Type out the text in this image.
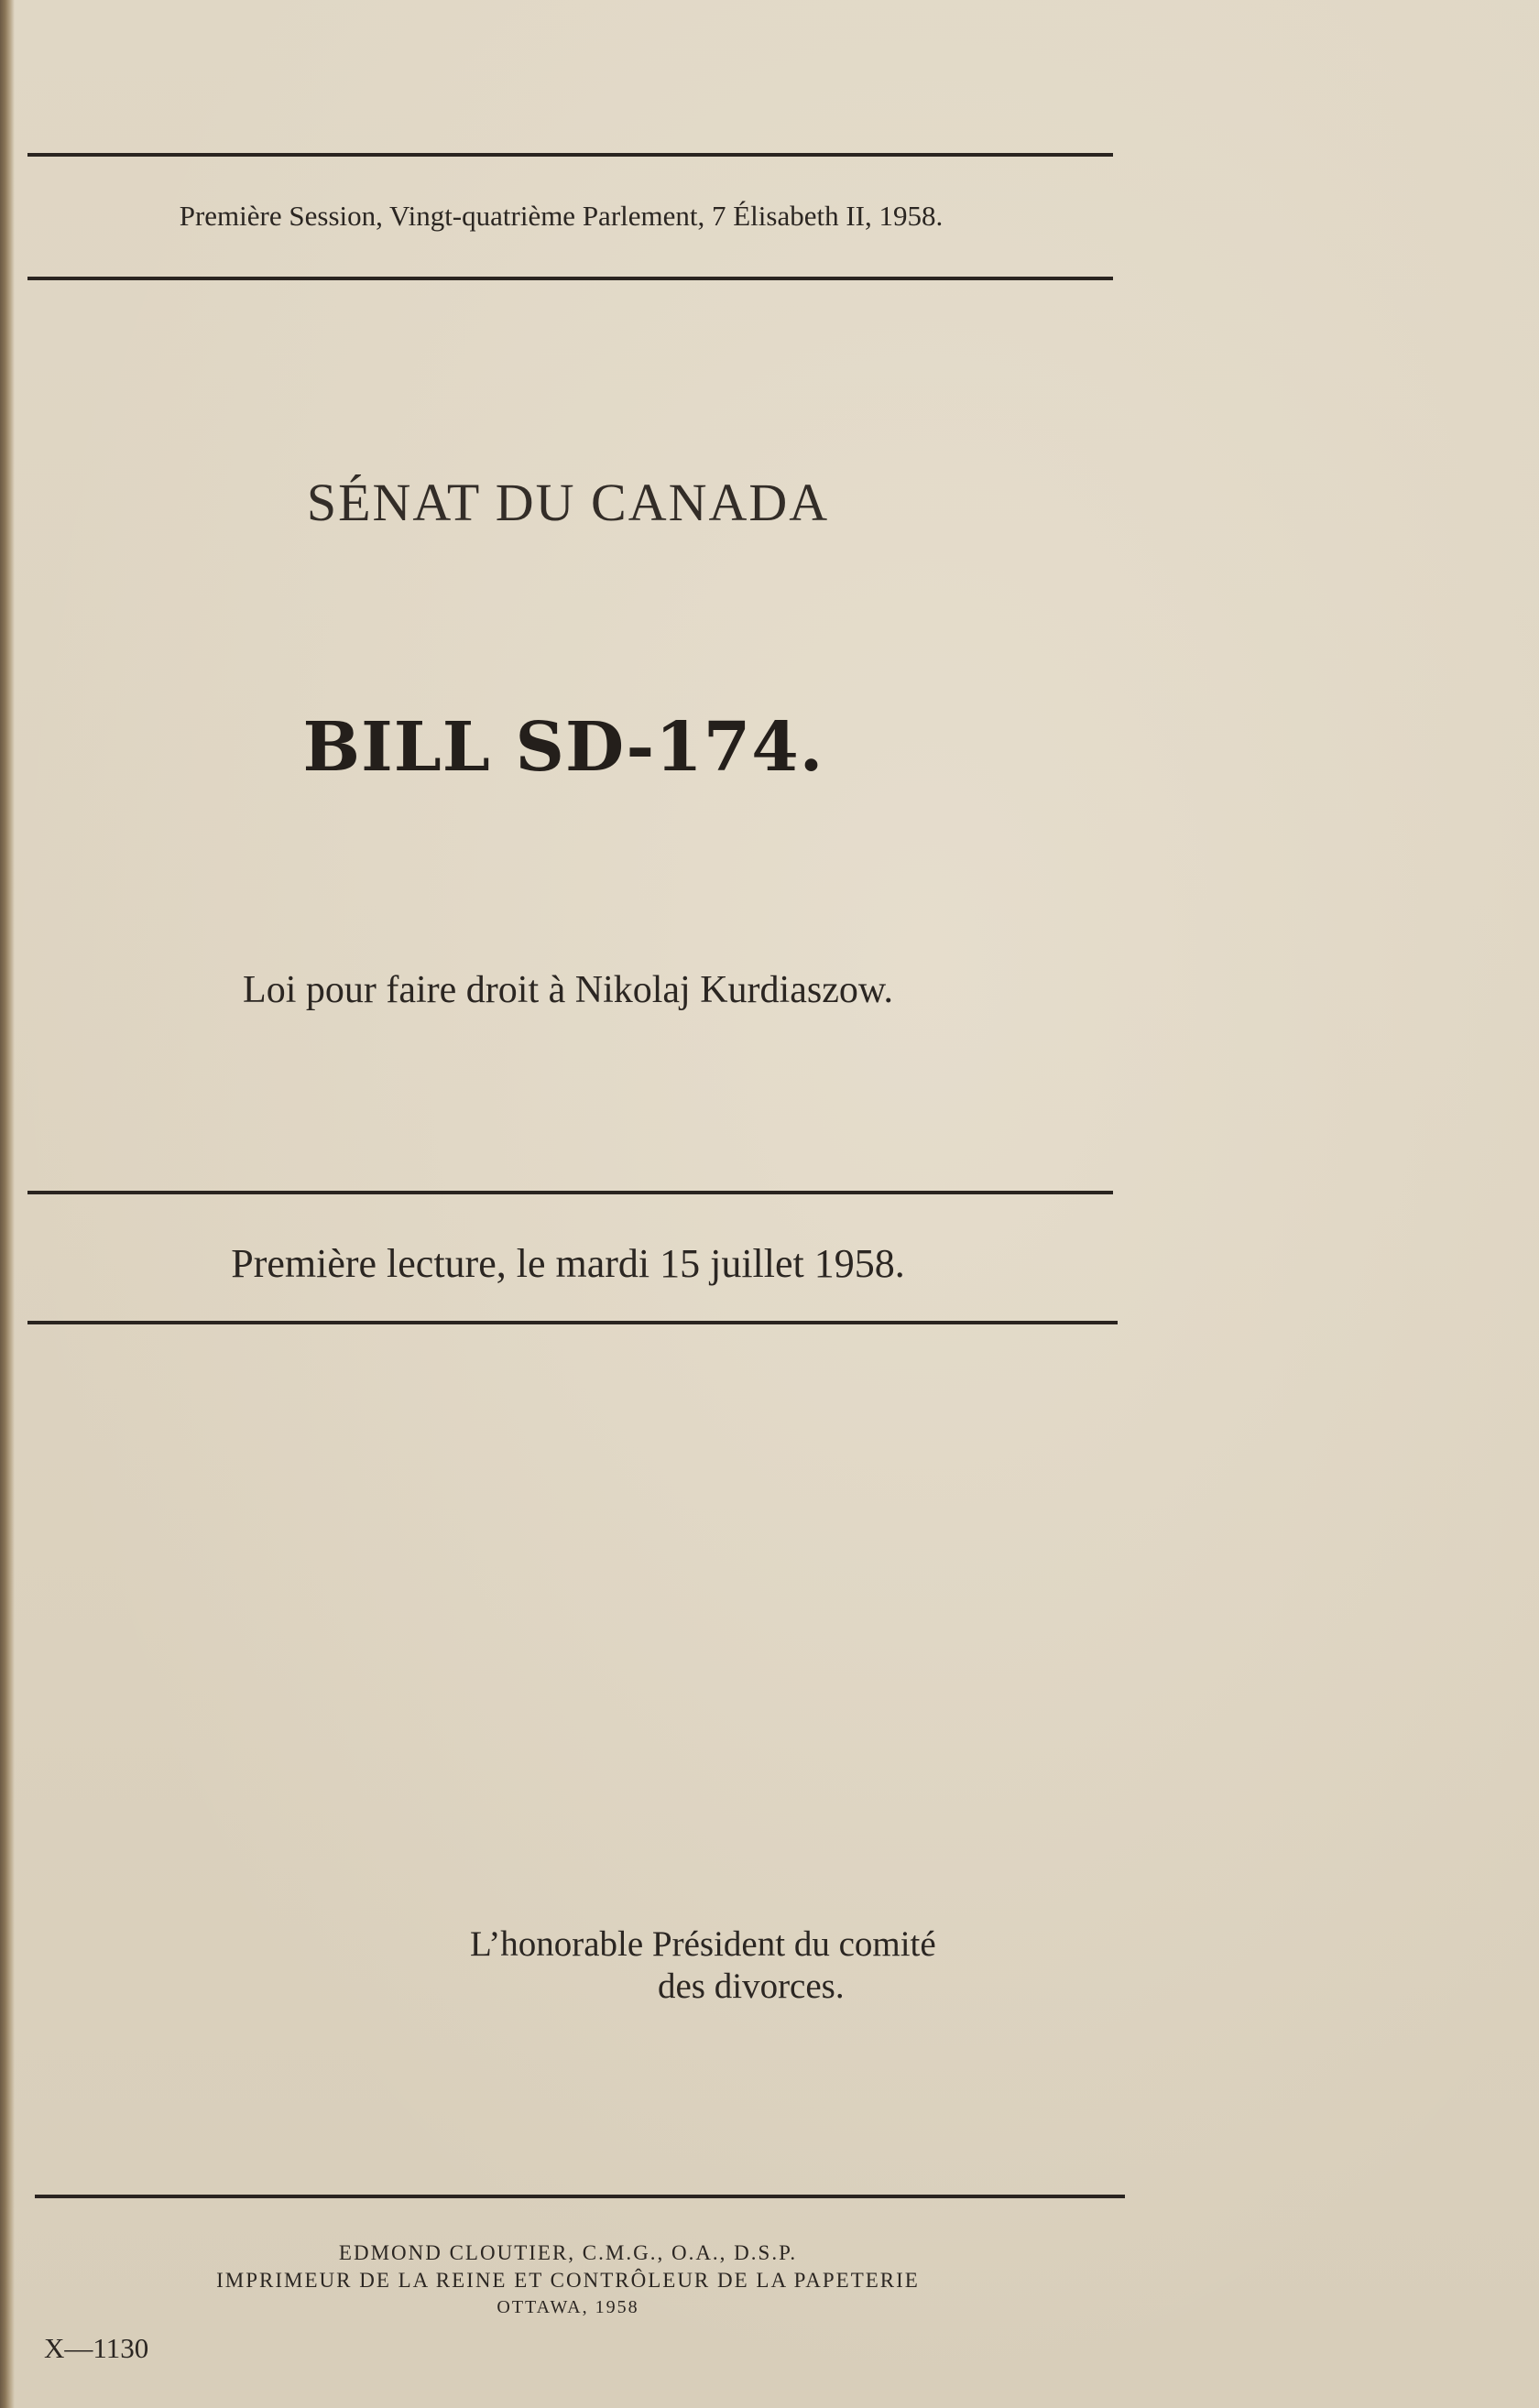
Première Session, Vingt-quatrième Parlement, 7 Élisabeth II, 1958.

SÉNAT DU CANADA

BILL SD-174.

Loi pour faire droit à Nikolaj Kurdiaszow.

Première lecture, le mardi 15 juillet 1958.

L’honorable Président du comité

des divorces.

EDMOND CLOUTIER, C.M.G., O.A., D.S.P.

IMPRIMEUR DE LA REINE ET CONTRÔLEUR DE LA PAPETERIE

OTTAWA, 1958

X—1130
